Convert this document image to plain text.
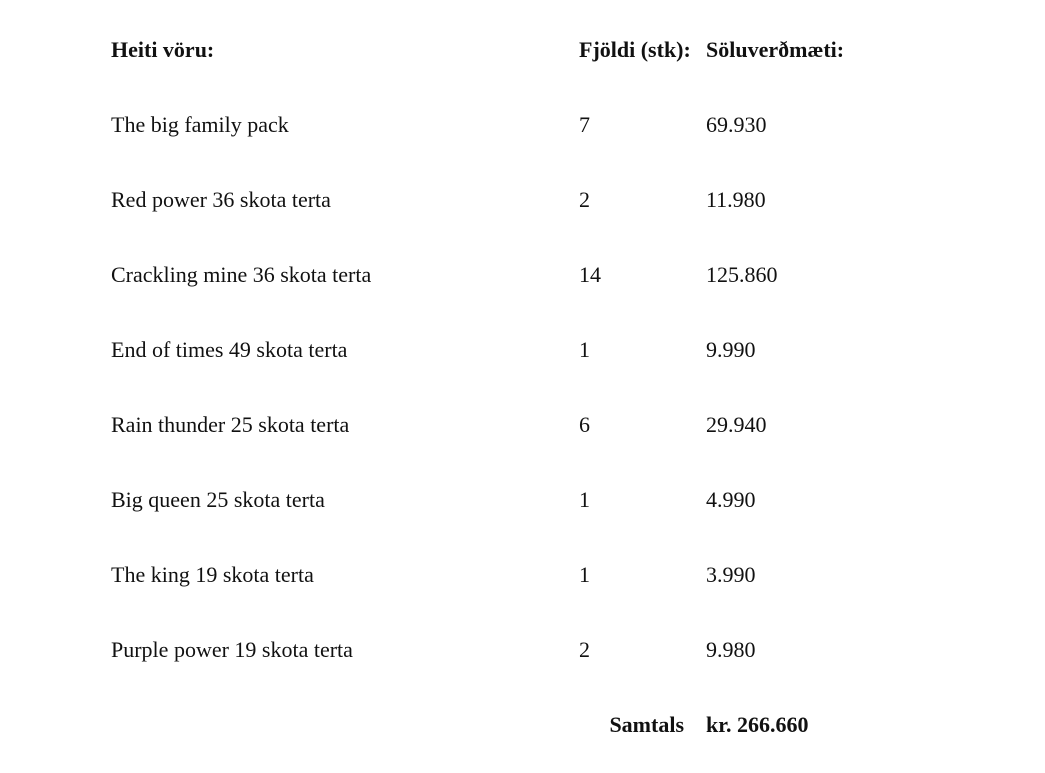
Heiti vöru:	Fjöldi (stk):	Söluverðmæti:
The big family pack	7	69.930
Red power 36 skota terta	2	11.980
Crackling mine 36 skota terta	14	125.860
End of times 49 skota terta	1	9.990
Rain thunder 25 skota terta	6	29.940
Big queen 25 skota terta	1	4.990
The king 19 skota terta	1	3.990
Purple power 19 skota terta	2	9.980
	Samtals	kr. 266.660
